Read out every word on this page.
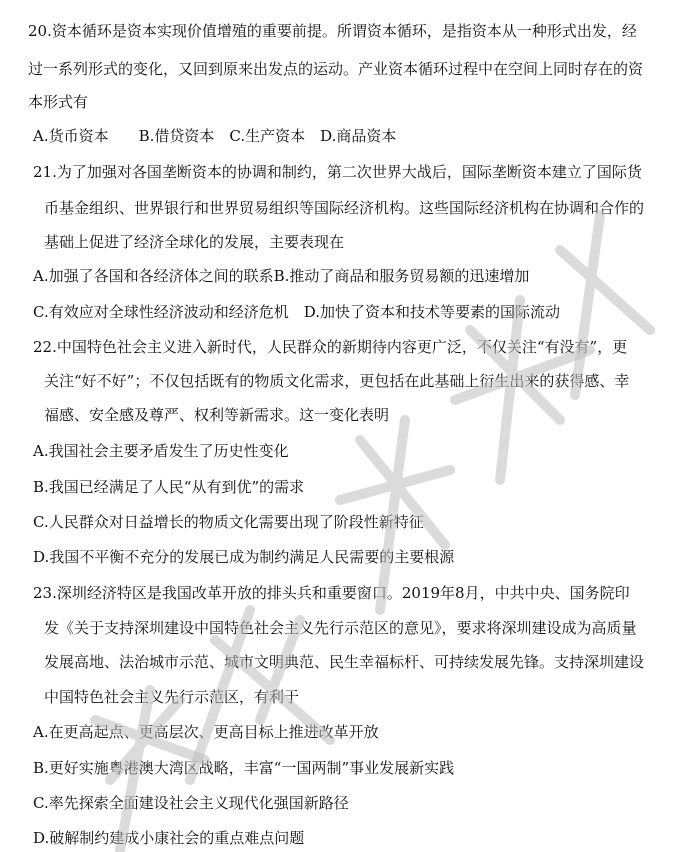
20.资本循环是资本实现价值增殖的重要前提。所谓资本循环，是指资本从一种形式出发，经
过一系列形式的变化，又回到原来出发点的运动。产业资本循环过程中在空间上同时存在的资
本形式有
A.货币资本　　B.借贷资本　C.生产资本　D.商品资本
21.为了加强对各国垄断资本的协调和制约，第二次世界大战后，国际垄断资本建立了国际货
币基金组织、世界银行和世界贸易组织等国际经济机构。这些国际经济机构在协调和合作的
基础上促进了经济全球化的发展，主要表现在
A.加强了各国和各经济体之间的联系B.推动了商品和服务贸易额的迅速增加
C.有效应对全球性经济波动和经济危机　D.加快了资本和技术等要素的国际流动
22.中国特色社会主义进入新时代，人民群众的新期待内容更广泛，不仅关注“有没有”，更
关注“好不好”；不仅包括既有的物质文化需求，更包括在此基础上衍生出来的获得感、幸
福感、安全感及尊严、权利等新需求。这一变化表明
A.我国社会主要矛盾发生了历史性变化
B.我国已经满足了人民“从有到优”的需求
C.人民群众对日益增长的物质文化需要出现了阶段性新特征
D.我国不平衡不充分的发展已成为制约满足人民需要的主要根源
23.深圳经济特区是我国改革开放的排头兵和重要窗口。2019年8月，中共中央、国务院印
发《关于支持深圳建设中国特色社会主义先行示范区的意见》，要求将深圳建设成为高质量
发展高地、法治城市示范、城市文明典范、民生幸福标杆、可持续发展先锋。支持深圳建设
中国特色社会主义先行示范区，有利于
A.在更高起点、更高层次、更高目标上推进改革开放
B.更好实施粤港澳大湾区战略，丰富“一国两制”事业发展新实践
C.率先探索全面建设社会主义现代化强国新路径
D.破解制约建成小康社会的重点难点问题
